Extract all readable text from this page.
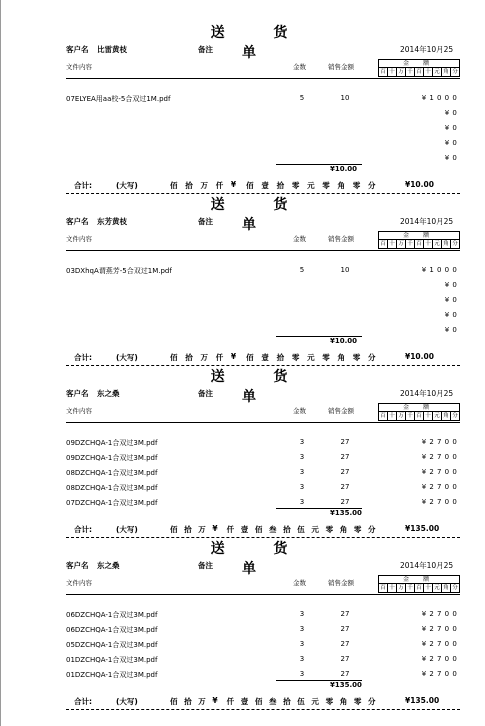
送 货 单
客户名 比雷黄枝	备注	2014年10月25
文件内容	金数	销售金额	金 额
百 十 万 千 百 十 元 角 分
07ELYEA用aa校-5合双过1M.pdf	5	10	¥1000
¥0
¥0
¥0
¥0
¥10.00
合计:	(大写)	佰 拾 万 仟 ¥ 佰 壹 拾 零 元 零 角 零 分	¥10.00
送 货 单
客户名 东芳黄枝	备注	2014年10月25
文件内容	金数	销售金额	金 额
百 十 万 千 百 十 元 角 分
03DXhqA谓燕芳-5合双过1M.pdf	5	10	¥1000
¥0
¥0
¥0
¥0
¥10.00
合计:	(大写)	佰 拾 万 仟 ¥ 佰 壹 拾 零 元 零 角 零 分	¥10.00
送 货 单
客户名 东之桑	备注	2014年10月25
文件内容	金数	销售金额	金 额
百 十 万 千 百 十 元 角 分
09DZCHQA-1合双过3M.pdf	3	27	¥2700
09DZCHQA-1合双过3M.pdf	3	27	¥2700
08DZCHQA-1合双过3M.pdf	3	27	¥2700
08DZCHQA-1合双过3M.pdf	3	27	¥2700
07DZCHQA-1合双过3M.pdf	3	27	¥2700
¥135.00
合计:	(大写)	佰 拾 万 ¥ 仟 壹 佰 叁 拾 伍 元 零 角 零 分	¥135.00
送 货 单
客户名 东之桑	备注	2014年10月25
文件内容	金数	销售金额	金 额
百 十 万 千 百 十 元 角 分
06DZCHQA-1合双过3M.pdf	3	27	¥2700
06DZCHQA-1合双过3M.pdf	3	27	¥2700
05DZCHQA-1合双过3M.pdf	3	27	¥2700
01DZCHQA-1合双过3M.pdf	3	27	¥2700
01DZCHQA-1合双过3M.pdf	3	27	¥2700
¥135.00
合计:	(大写)	佰 拾 万 ¥ 仟 壹 佰 叁 拾 伍 元 零 角 零 分	¥135.00
